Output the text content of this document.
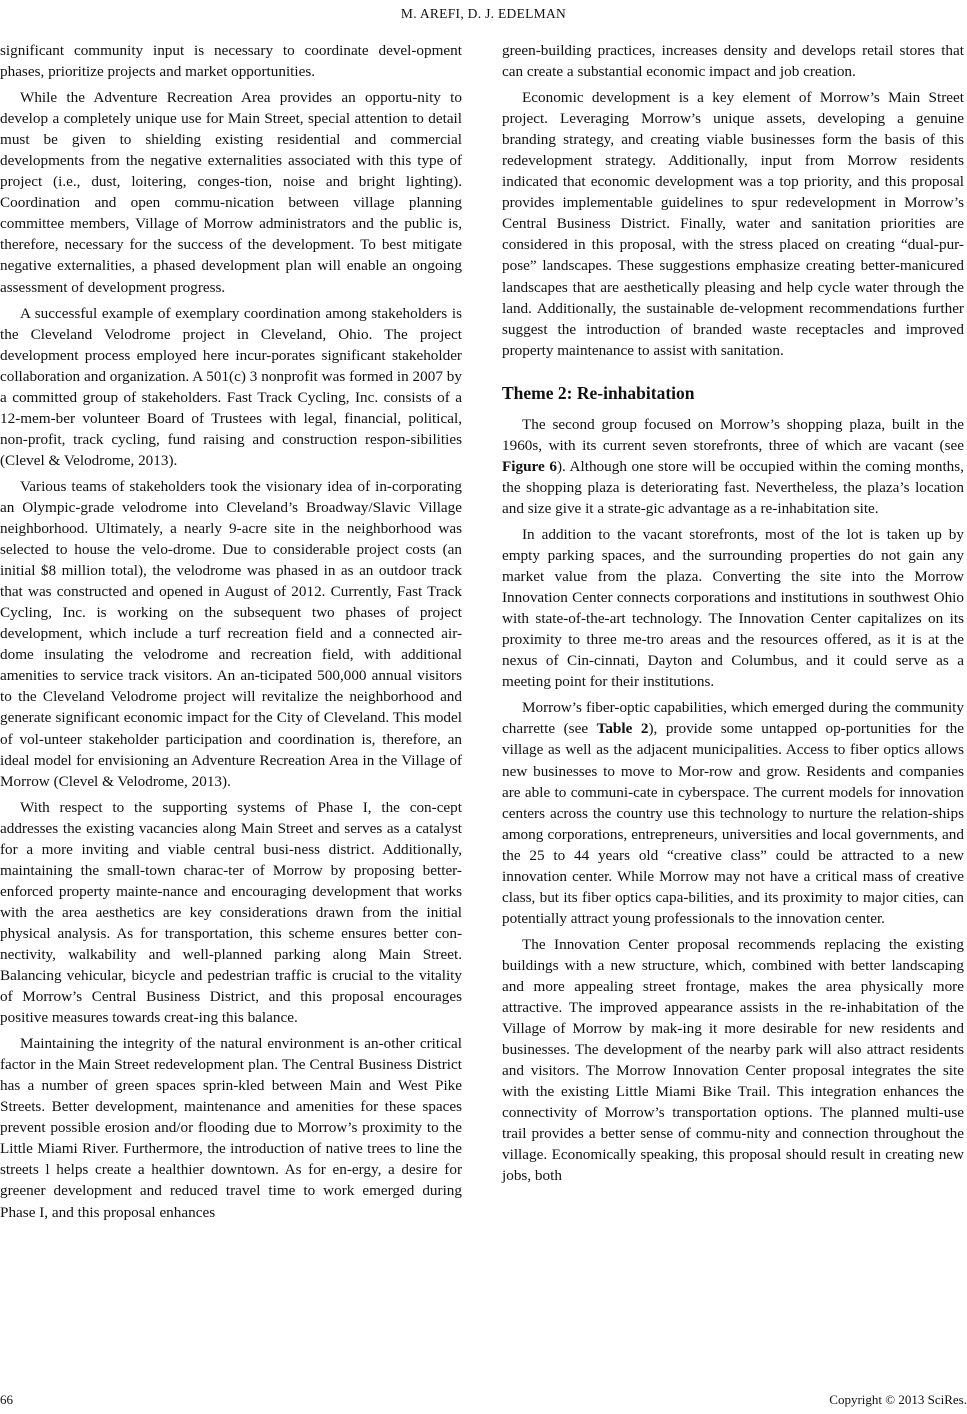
M. AREFI, D. J. EDELMAN

significant community input is necessary to coordinate devel-opment phases, prioritize projects and market opportunities.

While the Adventure Recreation Area provides an opportu-nity to develop a completely unique use for Main Street, special attention to detail must be given to shielding existing residential and commercial developments from the negative externalities associated with this type of project (i.e., dust, loitering, conges-tion, noise and bright lighting). Coordination and open commu-nication between village planning committee members, Village of Morrow administrators and the public is, therefore, necessary for the success of the development. To best mitigate negative externalities, a phased development plan will enable an ongoing assessment of development progress.

A successful example of exemplary coordination among stakeholders is the Cleveland Velodrome project in Cleveland, Ohio. The project development process employed here incur-porates significant stakeholder collaboration and organization. A 501(c) 3 nonprofit was formed in 2007 by a committed group of stakeholders. Fast Track Cycling, Inc. consists of a 12-mem-ber volunteer Board of Trustees with legal, financial, political, non-profit, track cycling, fund raising and construction respon-sibilities (Clevel & Velodrome, 2013).

Various teams of stakeholders took the visionary idea of in-corporating an Olympic-grade velodrome into Cleveland’s Broadway/Slavic Village neighborhood. Ultimately, a nearly 9-acre site in the neighborhood was selected to house the velo-drome. Due to considerable project costs (an initial $8 million total), the velodrome was phased in as an outdoor track that was constructed and opened in August of 2012. Currently, Fast Track Cycling, Inc. is working on the subsequent two phases of project development, which include a turf recreation field and a connected air-dome insulating the velodrome and recreation field, with additional amenities to service track visitors. An an-ticipated 500,000 annual visitors to the Cleveland Velodrome project will revitalize the neighborhood and generate significant economic impact for the City of Cleveland. This model of vol-unteer stakeholder participation and coordination is, therefore, an ideal model for envisioning an Adventure Recreation Area in the Village of Morrow (Clevel & Velodrome, 2013).

With respect to the supporting systems of Phase I, the con-cept addresses the existing vacancies along Main Street and serves as a catalyst for a more inviting and viable central busi-ness district. Additionally, maintaining the small-town charac-ter of Morrow by proposing better-enforced property mainte-nance and encouraging development that works with the area aesthetics are key considerations drawn from the initial physical analysis. As for transportation, this scheme ensures better con-nectivity, walkability and well-planned parking along Main Street. Balancing vehicular, bicycle and pedestrian traffic is crucial to the vitality of Morrow’s Central Business District, and this proposal encourages positive measures towards creat-ing this balance.

Maintaining the integrity of the natural environment is an-other critical factor in the Main Street redevelopment plan. The Central Business District has a number of green spaces sprin-kled between Main and West Pike Streets. Better development, maintenance and amenities for these spaces prevent possible erosion and/or flooding due to Morrow’s proximity to the Little Miami River. Furthermore, the introduction of native trees to line the streets l helps create a healthier downtown. As for en-ergy, a desire for greener development and reduced travel time to work emerged during Phase I, and this proposal enhances

green-building practices, increases density and develops retail stores that can create a substantial economic impact and job creation.

Economic development is a key element of Morrow’s Main Street project. Leveraging Morrow’s unique assets, developing a genuine branding strategy, and creating viable businesses form the basis of this redevelopment strategy. Additionally, input from Morrow residents indicated that economic development was a top priority, and this proposal provides implementable guidelines to spur redevelopment in Morrow’s Central Business District. Finally, water and sanitation priorities are considered in this proposal, with the stress placed on creating “dual-pur-pose” landscapes. These suggestions emphasize creating better-manicured landscapes that are aesthetically pleasing and help cycle water through the land. Additionally, the sustainable de-velopment recommendations further suggest the introduction of branded waste receptacles and improved property maintenance to assist with sanitation.

Theme 2: Re-inhabitation

The second group focused on Morrow’s shopping plaza, built in the 1960s, with its current seven storefronts, three of which are vacant (see Figure 6). Although one store will be occupied within the coming months, the shopping plaza is deteriorating fast. Nevertheless, the plaza’s location and size give it a strate-gic advantage as a re-inhabitation site.

In addition to the vacant storefronts, most of the lot is taken up by empty parking spaces, and the surrounding properties do not gain any market value from the plaza. Converting the site into the Morrow Innovation Center connects corporations and institutions in southwest Ohio with state-of-the-art technology. The Innovation Center capitalizes on its proximity to three me-tro areas and the resources offered, as it is at the nexus of Cin-cinnati, Dayton and Columbus, and it could serve as a meeting point for their institutions.

Morrow’s fiber-optic capabilities, which emerged during the community charrette (see Table 2), provide some untapped op-portunities for the village as well as the adjacent municipalities. Access to fiber optics allows new businesses to move to Mor-row and grow. Residents and companies are able to communi-cate in cyberspace. The current models for innovation centers across the country use this technology to nurture the relation-ships among corporations, entrepreneurs, universities and local governments, and the 25 to 44 years old “creative class” could be attracted to a new innovation center. While Morrow may not have a critical mass of creative class, but its fiber optics capa-bilities, and its proximity to major cities, can potentially attract young professionals to the innovation center.

The Innovation Center proposal recommends replacing the existing buildings with a new structure, which, combined with better landscaping and more appealing street frontage, makes the area physically more attractive. The improved appearance assists in the re-inhabitation of the Village of Morrow by mak-ing it more desirable for new residents and businesses. The development of the nearby park will also attract residents and visitors. The Morrow Innovation Center proposal integrates the site with the existing Little Miami Bike Trail. This integration enhances the connectivity of Morrow’s transportation options. The planned multi-use trail provides a better sense of commu-nity and connection throughout the village. Economically speaking, this proposal should result in creating new jobs, both

66	Copyright © 2013 SciRes.
